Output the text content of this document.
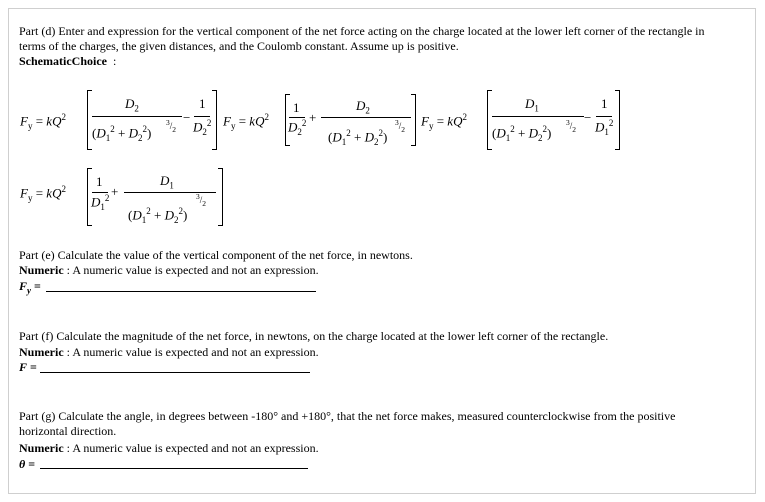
Part (d) Enter and expression for the vertical component of the net force acting on the charge located at the lower left corner of the rectangle in
terms of the charges, the given distances, and the Coulomb constant. Assume up is positive.
SchematicChoice :
$F_y = kQ^2$
$D_2$
$(D_1^2 + D_2^2)$
$^3/_2$
−
1
$D_2^2$ $F_y = kQ^2$
1
$D_2^2$ +
$D_2$
$(D_1^2 + D_2^2)$
$^3/_2$
$F_y = kQ^2$
$D_1$
$(D_1^2 + D_2^2)$
$^3/_2$
−
1
$D_1^2$
$F_y = kQ^2$ 1
$D_1^2$ +
$D_1$
$(D_1^2 + D_2^2)$
$^3/_2$
Part (e) Calculate the value of the vertical component of the net force, in newtons.
Numeric : A numeric value is expected and not an expression.
$F_y$ =
Part (f) Calculate the magnitude of the net force, in newtons, on the charge located at the lower left corner of the rectangle.
Numeric : A numeric value is expected and not an expression.
F =
Part (g) Calculate the angle, in degrees between -180° and +180°, that the net force makes, measured counterclockwise from the positive
horizontal direction.
Numeric : A numeric value is expected and not an expression.
θ =
